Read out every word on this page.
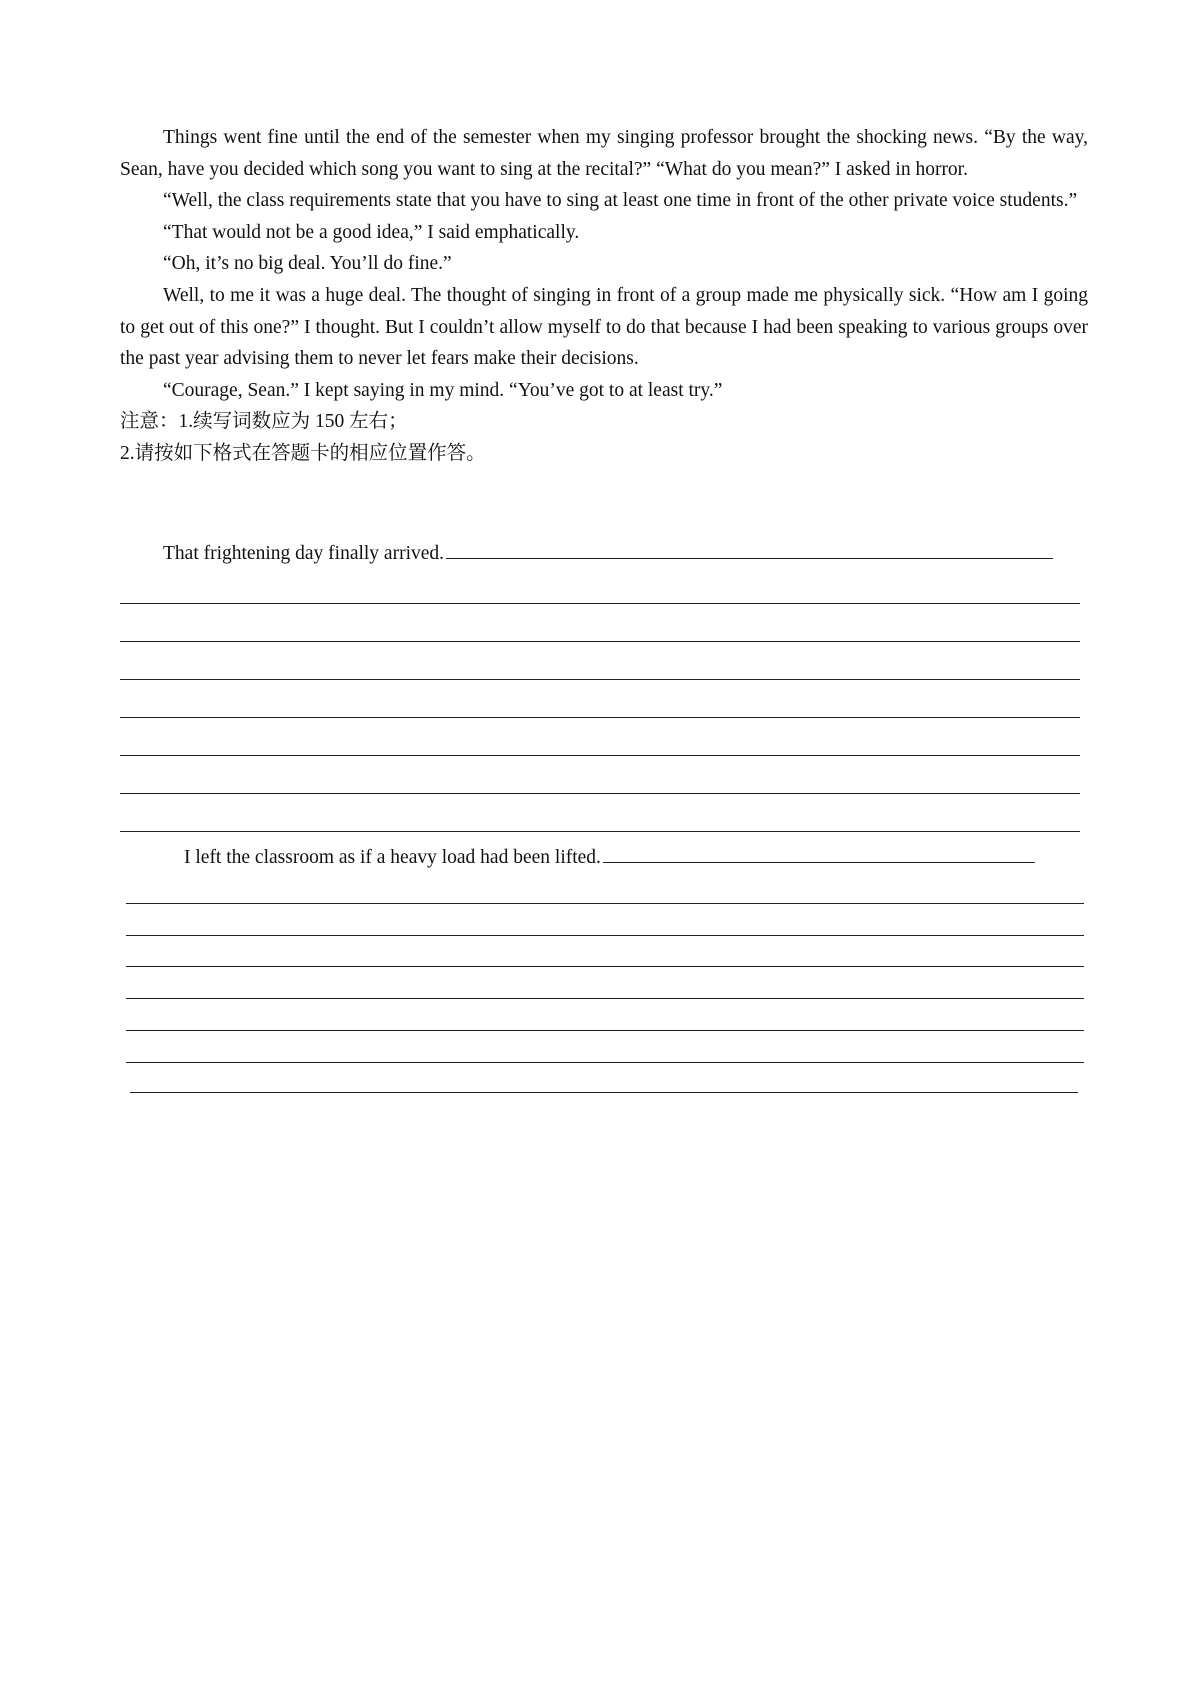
Things went fine until the end of the semester when my singing professor brought the shocking news. “By the way, Sean, have you decided which song you want to sing at the recital?” “What do you mean?” I asked in horror.

“Well, the class requirements state that you have to sing at least one time in front of the other private voice students.”

“That would not be a good idea,” I said emphatically.

“Oh, it’s no big deal. You’ll do fine.”

Well, to me it was a huge deal. The thought of singing in front of a group made me physically sick. “How am I going to get out of this one?” I thought. But I couldn’t allow myself to do that because I had been speaking to various groups over the past year advising them to never let fears make their decisions.

“Courage, Sean.” I kept saying in my mind. “You’ve got to at least try.”

注意：1.续写词数应为 150 左右；

2.请按如下格式在答题卡的相应位置作答。

That frightening day finally arrived.
I left the classroom as if a heavy load had been lifted.
